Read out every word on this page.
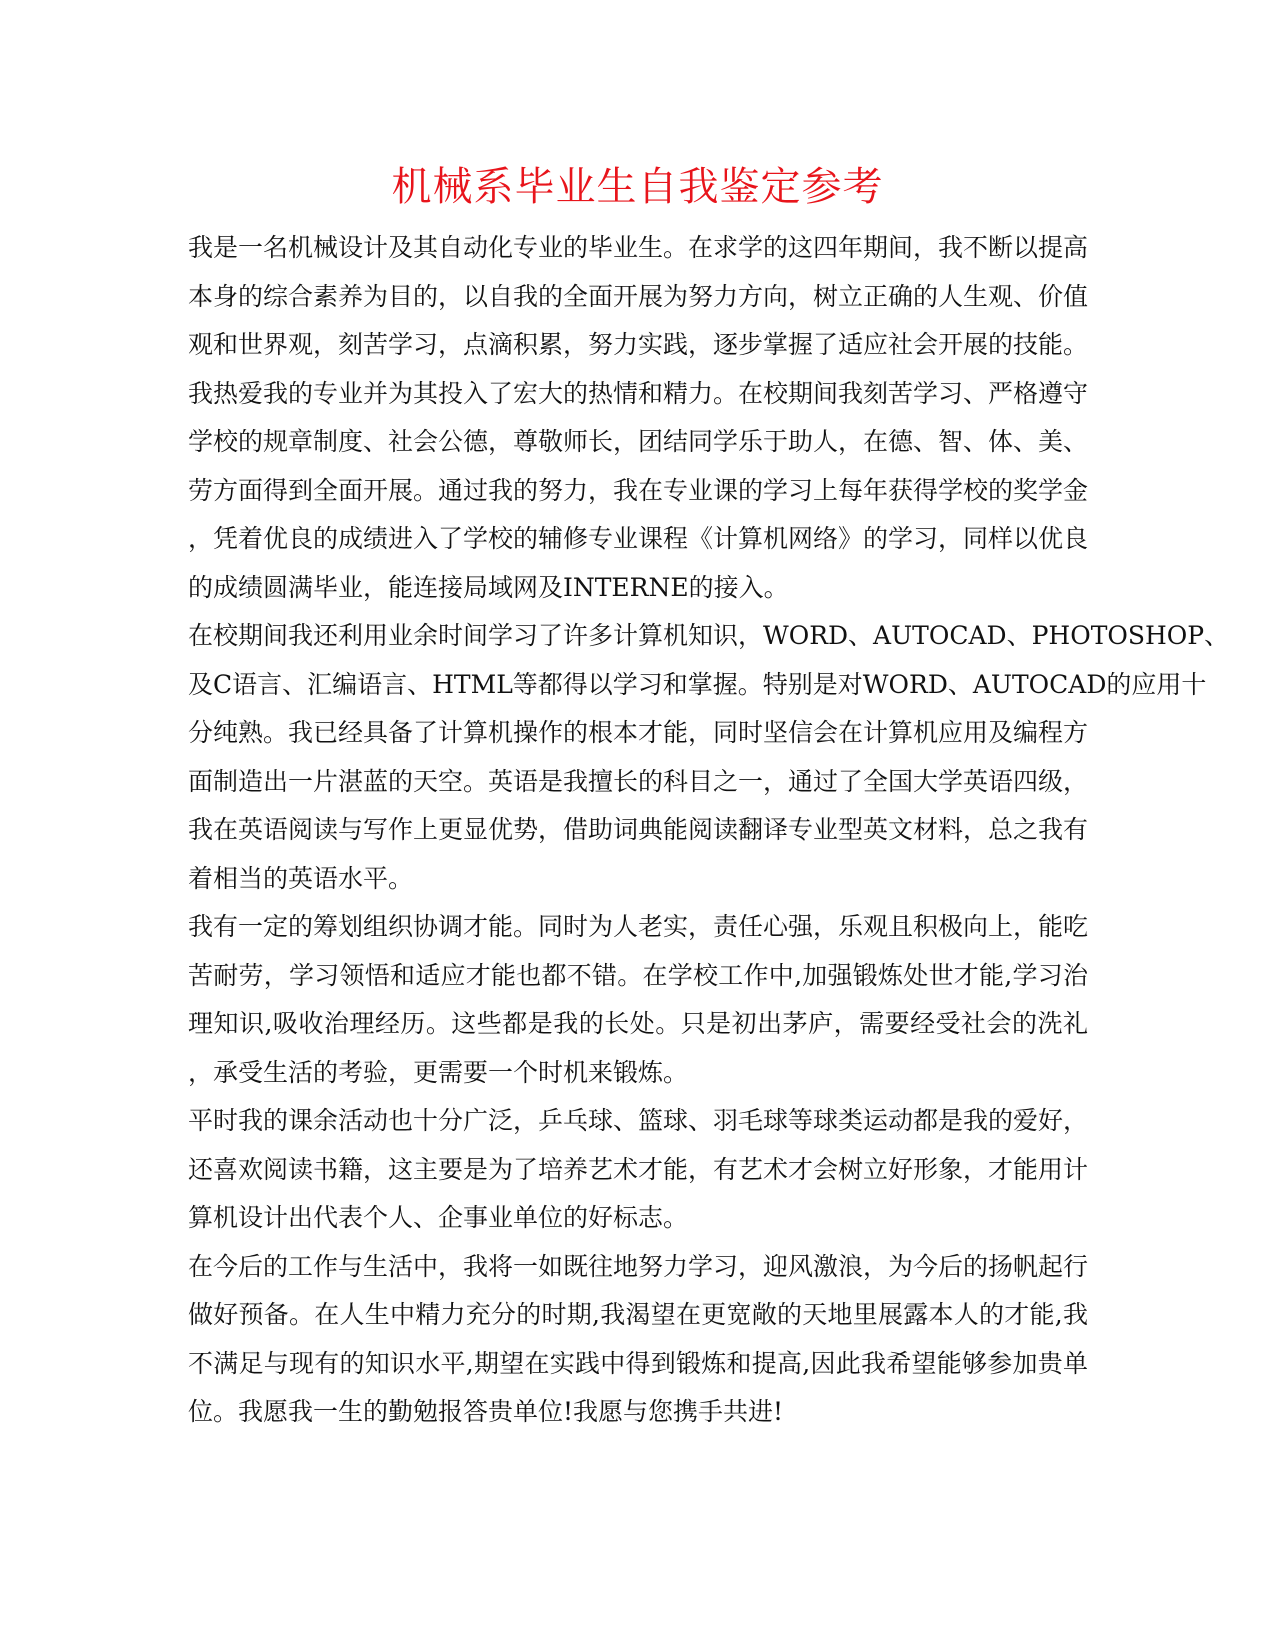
机械系毕业生自我鉴定参考
我是一名机械设计及其自动化专业的毕业生。在求学的这四年期间，我不断以提高
本身的综合素养为目的，以自我的全面开展为努力方向，树立正确的人生观、价值
观和世界观，刻苦学习，点滴积累，努力实践，逐步掌握了适应社会开展的技能。
我热爱我的专业并为其投入了宏大的热情和精力。在校期间我刻苦学习、严格遵守
学校的规章制度、社会公德，尊敬师长，团结同学乐于助人，在德、智、体、美、
劳方面得到全面开展。通过我的努力，我在专业课的学习上每年获得学校的奖学金
，凭着优良的成绩进入了学校的辅修专业课程《计算机网络》的学习，同样以优良
的成绩圆满毕业，能连接局域网及INTERNE的接入。
在校期间我还利用业余时间学习了许多计算机知识，WORD、AUTOCAD、PHOTOSHOP、
及C语言、汇编语言、HTML等都得以学习和掌握。特别是对WORD、AUTOCAD的应用十
分纯熟。我已经具备了计算机操作的根本才能，同时坚信会在计算机应用及编程方
面制造出一片湛蓝的天空。英语是我擅长的科目之一，通过了全国大学英语四级，
我在英语阅读与写作上更显优势，借助词典能阅读翻译专业型英文材料，总之我有
着相当的英语水平。
我有一定的筹划组织协调才能。同时为人老实，责任心强，乐观且积极向上，能吃
苦耐劳，学习领悟和适应才能也都不错。在学校工作中,加强锻炼处世才能,学习治
理知识,吸收治理经历。这些都是我的长处。只是初出茅庐，需要经受社会的洗礼
，承受生活的考验，更需要一个时机来锻炼。
平时我的课余活动也十分广泛，乒乓球、篮球、羽毛球等球类运动都是我的爱好，
还喜欢阅读书籍，这主要是为了培养艺术才能，有艺术才会树立好形象，才能用计
算机设计出代表个人、企事业单位的好标志。
在今后的工作与生活中，我将一如既往地努力学习，迎风激浪，为今后的扬帆起行
做好预备。在人生中精力充分的时期,我渴望在更宽敞的天地里展露本人的才能,我
不满足与现有的知识水平,期望在实践中得到锻炼和提高,因此我希望能够参加贵单
位。我愿我一生的勤勉报答贵单位!我愿与您携手共进!
